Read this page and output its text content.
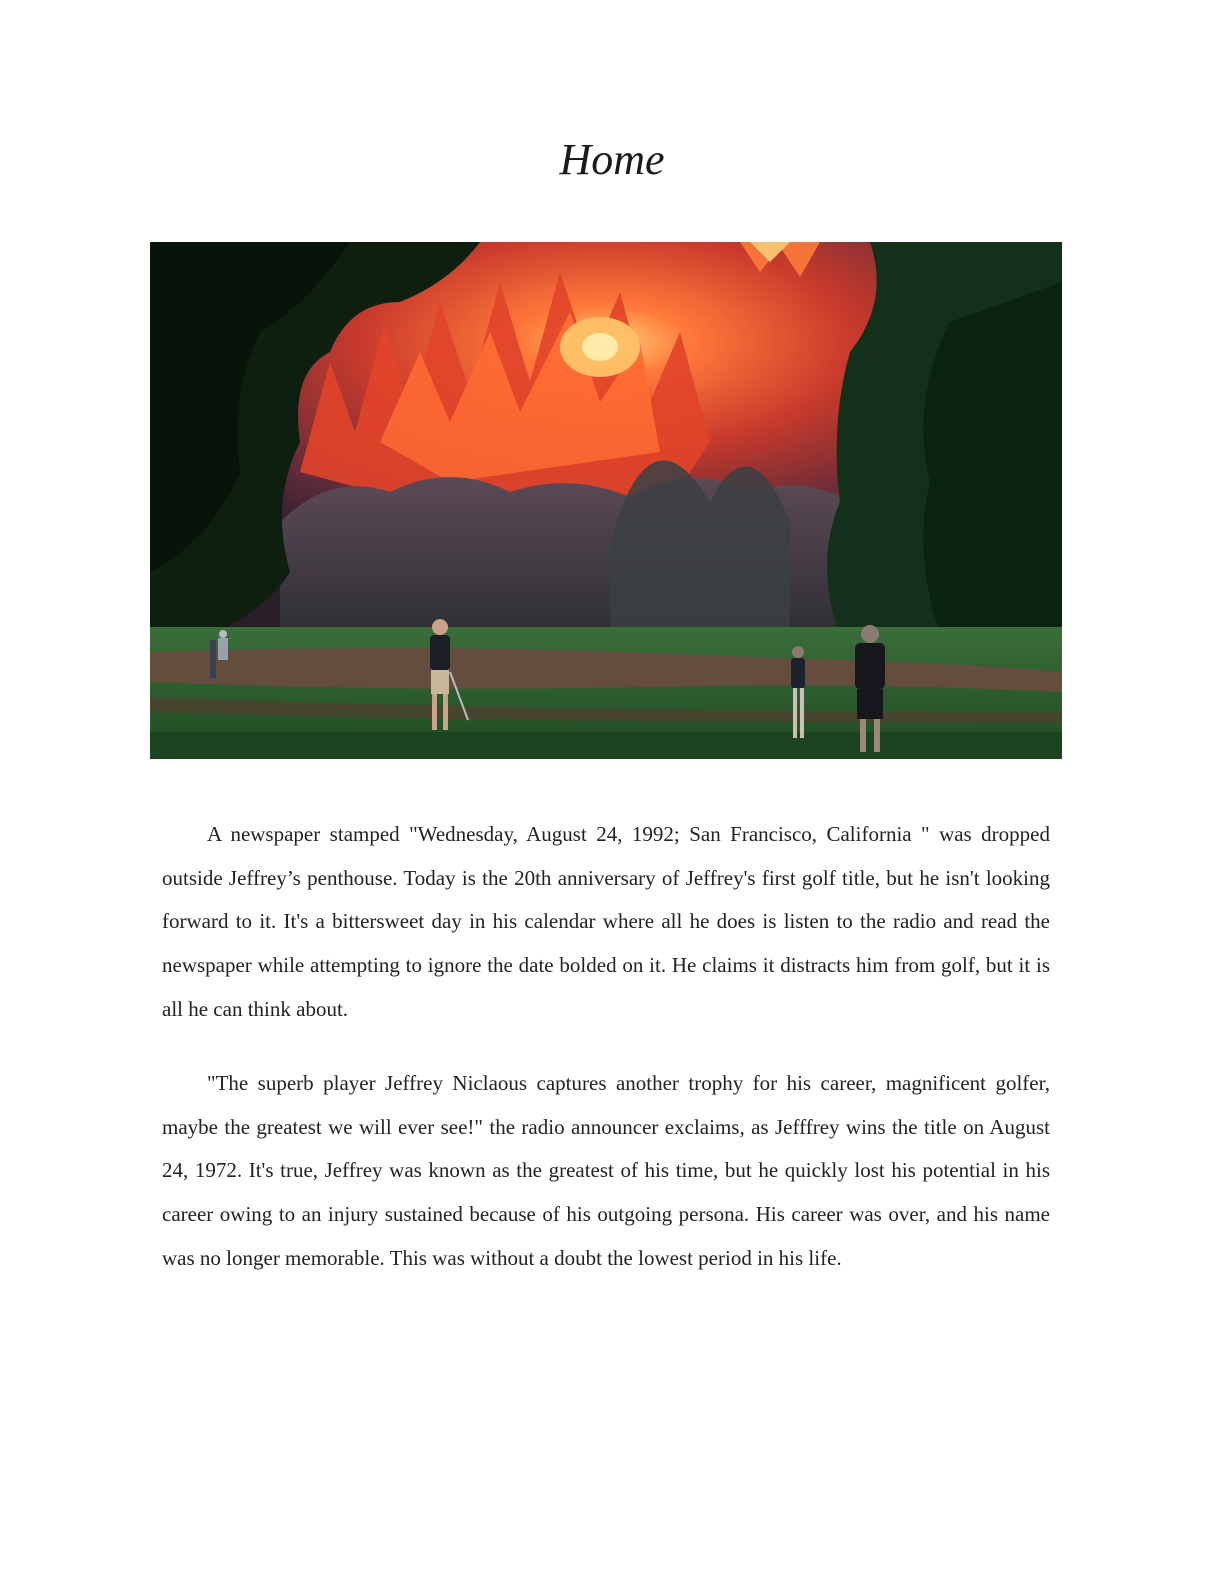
Home

A newspaper stamped "Wednesday, August 24, 1992; San Francisco, California " was dropped outside Jeffrey’s penthouse. Today is the 20th anniversary of Jeffrey's first golf title, but he isn't looking forward to it. It's a bittersweet day in his calendar where all he does is listen to the radio and read the newspaper while attempting to ignore the date bolded on it. He claims it distracts him from golf, but it is all he can think about.

"The superb player Jeffrey Niclaous captures another trophy for his career, magnificent golfer, maybe the greatest we will ever see!" the radio announcer exclaims, as Jefffrey wins the title on August 24, 1972. It's true, Jeffrey was known as the greatest of his time, but he quickly lost his potential in his career owing to an injury sustained because of his outgoing persona. His career was over, and his name was no longer memorable. This was without a doubt the lowest period in his life.
